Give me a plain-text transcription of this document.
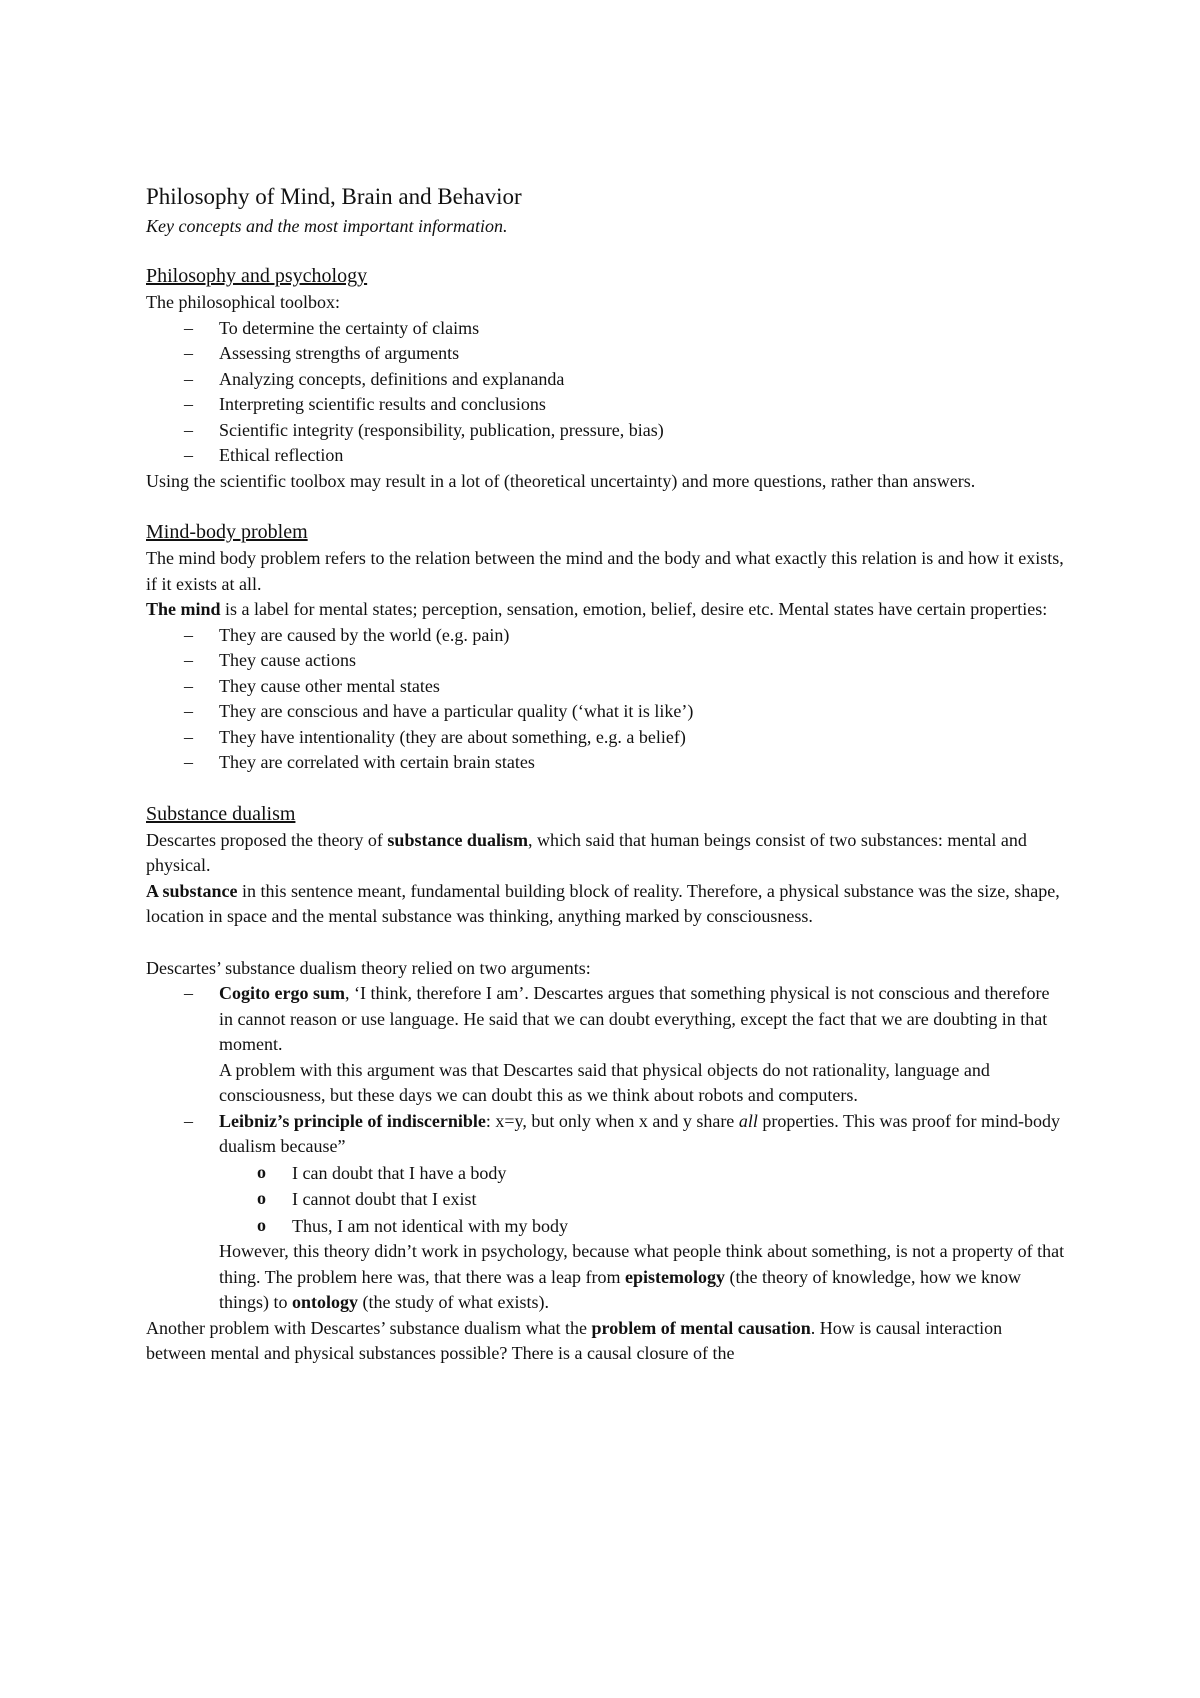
Philosophy of Mind, Brain and Behavior
Key concepts and the most important information.
Philosophy and psychology
The philosophical toolbox:
– To determine the certainty of claims
– Assessing strengths of arguments
– Analyzing concepts, definitions and explananda
– Interpreting scientific results and conclusions
– Scientific integrity (responsibility, publication, pressure, bias)
– Ethical reflection
Using the scientific toolbox may result in a lot of (theoretical uncertainty) and more questions, rather than answers.
Mind-body problem
The mind body problem refers to the relation between the mind and the body and what exactly this relation is and how it exists, if it exists at all.
The mind is a label for mental states; perception, sensation, emotion, belief, desire etc. Mental states have certain properties:
– They are caused by the world (e.g. pain)
– They cause actions
– They cause other mental states
– They are conscious and have a particular quality (‘what it is like’)
– They have intentionality (they are about something, e.g. a belief)
– They are correlated with certain brain states
Substance dualism
Descartes proposed the theory of substance dualism, which said that human beings consist of two substances: mental and physical.
A substance in this sentence meant, fundamental building block of reality. Therefore, a physical substance was the size, shape, location in space and the mental substance was thinking, anything marked by consciousness.
Descartes’ substance dualism theory relied on two arguments:
– Cogito ergo sum, ‘I think, therefore I am’. Descartes argues that something physical is not conscious and therefore in cannot reason or use language. He said that we can doubt everything, except the fact that we are doubting in that moment.
A problem with this argument was that Descartes said that physical objects do not rationality, language and consciousness, but these days we can doubt this as we think about robots and computers.
– Leibniz’s principle of indiscernible: x=y, but only when x and y share all properties. This was proof for mind-body dualism because”
o I can doubt that I have a body
o I cannot doubt that I exist
o Thus, I am not identical with my body
However, this theory didn’t work in psychology, because what people think about something, is not a property of that thing. The problem here was, that there was a leap from epistemology (the theory of knowledge, how we know things) to ontology (the study of what exists).
Another problem with Descartes’ substance dualism what the problem of mental causation. How is causal interaction between mental and physical substances possible? There is a causal closure of the
